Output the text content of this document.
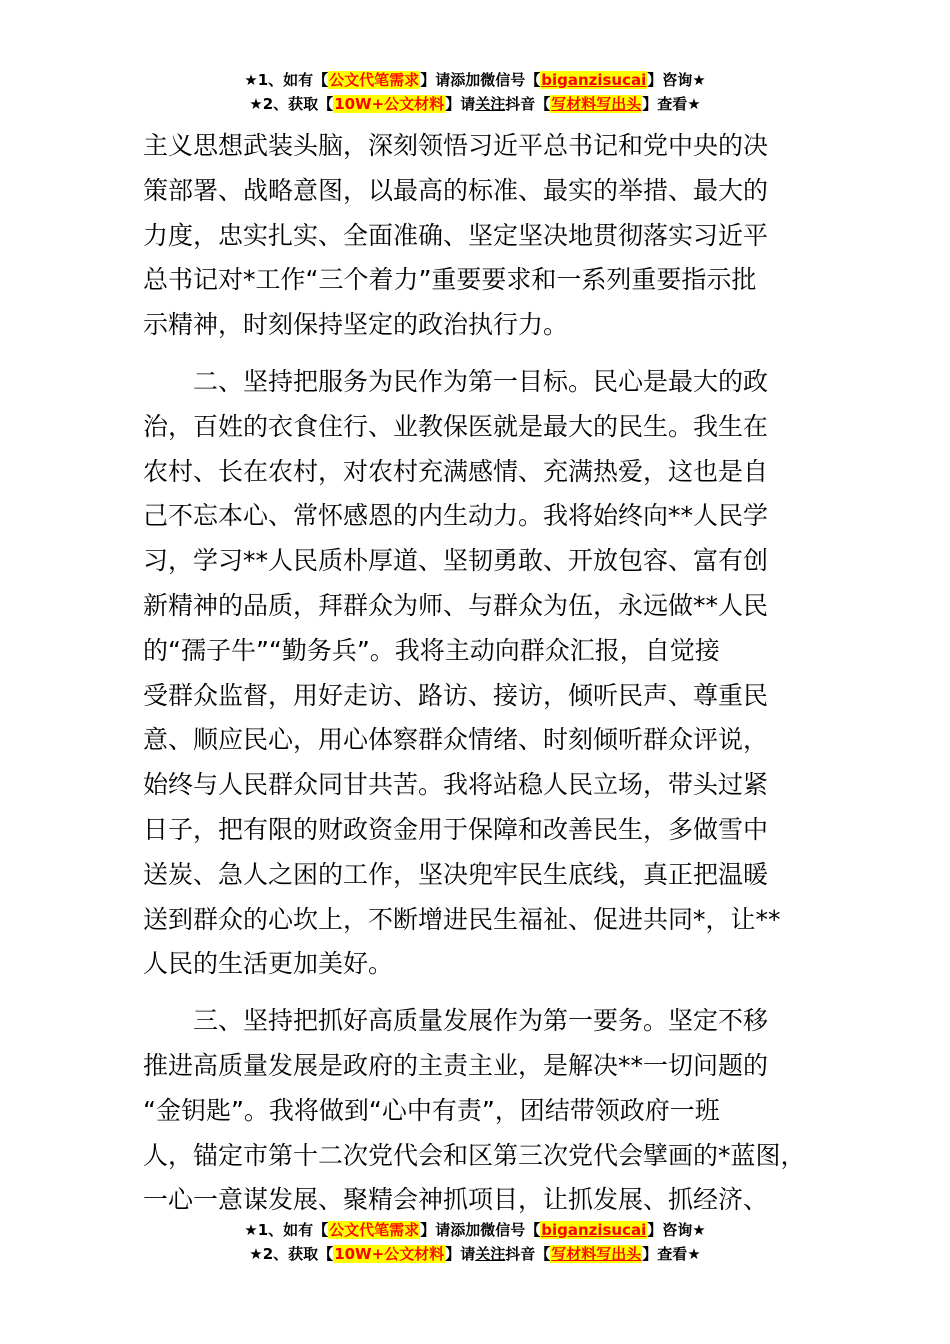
★1、如有【公文代笔需求】请添加微信号【biganzisucai】咨询★
★2、获取【10W+公文材料】请关注抖音【写材料写出头】查看★

主义思想武装头脑，深刻领悟习近平总书记和党中央的决
策部署、战略意图，以最高的标准、最实的举措、最大的
力度，忠实扎实、全面准确、坚定坚决地贯彻落实习近平
总书记对*工作“三个着力”重要要求和一系列重要指示批
示精神，时刻保持坚定的政治执行力。

　　二、坚持把服务为民作为第一目标。民心是最大的政
治，百姓的衣食住行、业教保医就是最大的民生。我生在
农村、长在农村，对农村充满感情、充满热爱，这也是自
己不忘本心、常怀感恩的内生动力。我将始终向**人民学
习，学习**人民质朴厚道、坚韧勇敢、开放包容、富有创
新精神的品质，拜群众为师、与群众为伍，永远做**人民
的“孺子牛”“勤务兵”。我将主动向群众汇报，自觉接
受群众监督，用好走访、路访、接访，倾听民声、尊重民
意、顺应民心，用心体察群众情绪、时刻倾听群众评说，
始终与人民群众同甘共苦。我将站稳人民立场，带头过紧
日子，把有限的财政资金用于保障和改善民生，多做雪中
送炭、急人之困的工作，坚决兜牢民生底线，真正把温暖
送到群众的心坎上，不断增进民生福祉、促进共同*，让**
人民的生活更加美好。

　　三、坚持把抓好高质量发展作为第一要务。坚定不移
推进高质量发展是政府的主责主业，是解决**一切问题的
“金钥匙”。我将做到“心中有责”，团结带领政府一班
人，锚定市第十二次党代会和区第三次党代会擘画的*蓝图，
一心一意谋发展、聚精会神抓项目，让抓发展、抓经济、

★1、如有【公文代笔需求】请添加微信号【biganzisucai】咨询★
★2、获取【10W+公文材料】请关注抖音【写材料写出头】查看★
